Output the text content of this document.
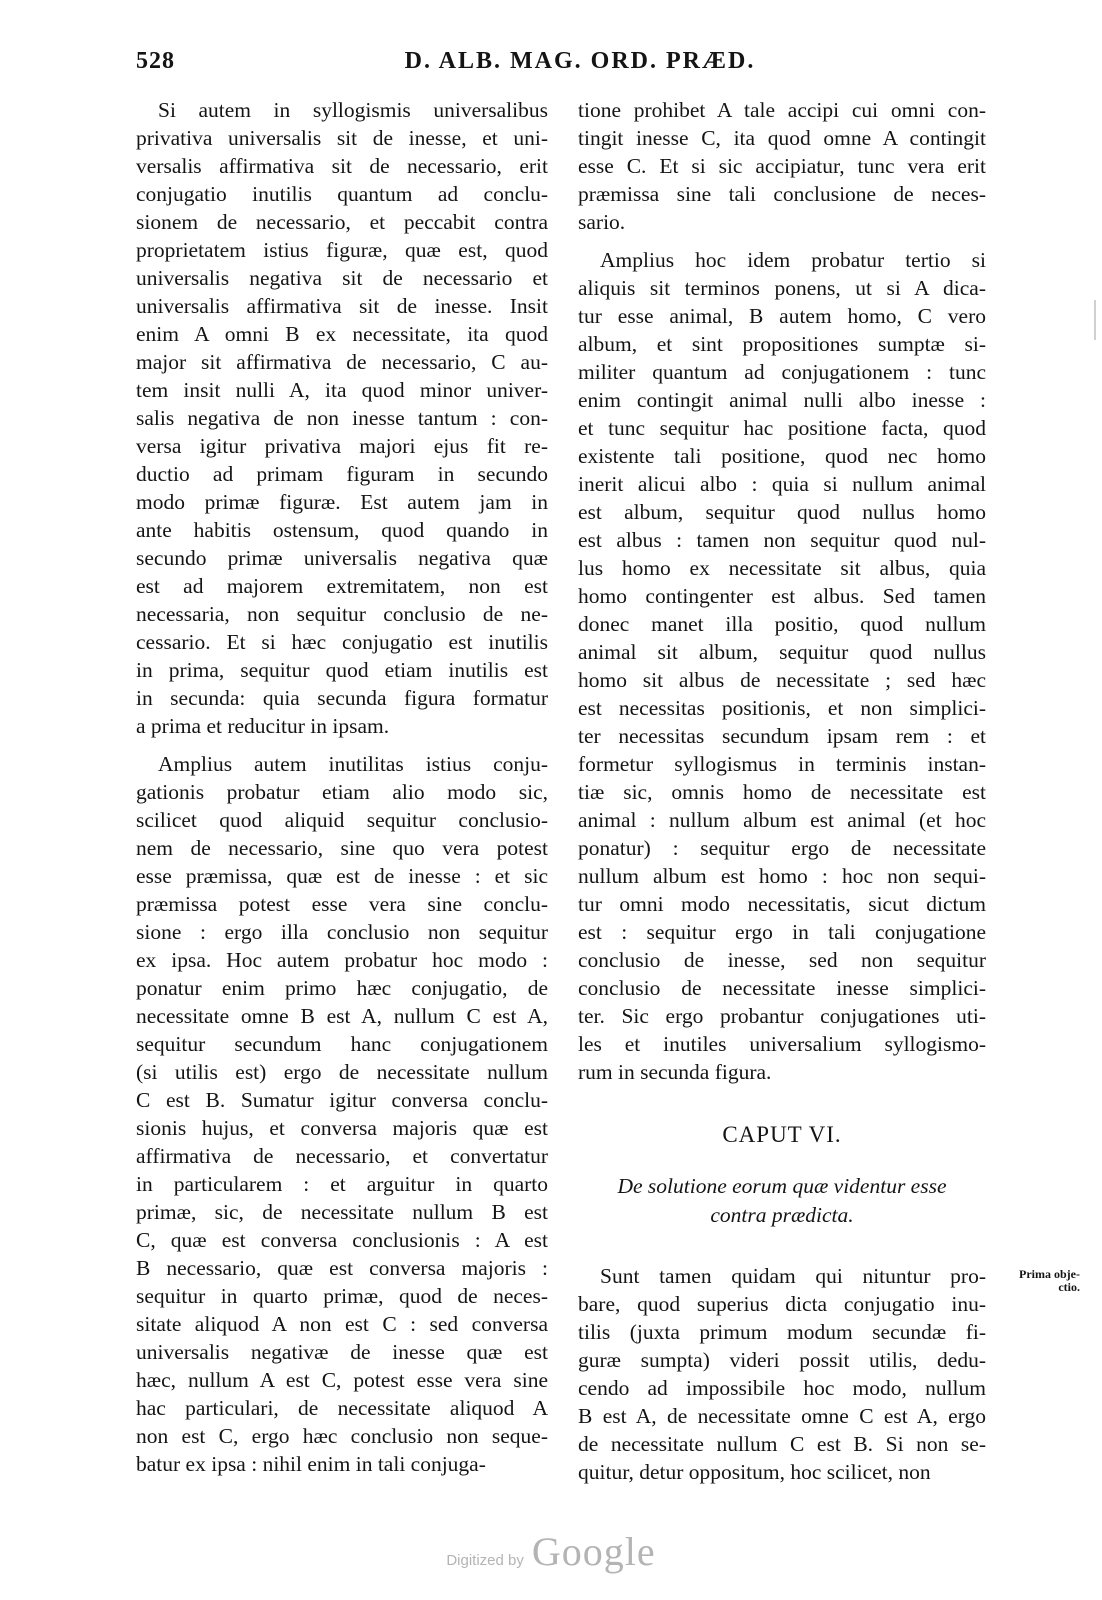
528	D. ALB. MAG. ORD. PRÆD.

Si autem in syllogismis universalibus
privativa universalis sit de inesse, et uni-
versalis affirmativa sit de necessario, erit
conjugatio inutilis quantum ad conclu-
sionem de necessario, et peccabit contra
proprietatem istius figuræ, quæ est, quod
universalis negativa sit de necessario et
universalis affirmativa sit de inesse. Insit
enim A omni B ex necessitate, ita quod
major sit affirmativa de necessario, C au-
tem insit nulli A, ita quod minor univer-
salis negativa de non inesse tantum : con-
versa igitur privativa majori ejus fit re-
ductio ad primam figuram in secundo
modo primæ figuræ. Est autem jam in
ante habitis ostensum, quod quando in
secundo primæ universalis negativa quæ
est ad majorem extremitatem, non est
necessaria, non sequitur conclusio de ne-
cessario. Et si hæc conjugatio est inutilis
in prima, sequitur quod etiam inutilis est
in secunda: quia secunda figura formatur
a prima et reducitur in ipsam.

Amplius autem inutilitas istius conju-
gationis probatur etiam alio modo sic,
scilicet quod aliquid sequitur conclusio-
nem de necessario, sine quo vera potest
esse præmissa, quæ est de inesse : et sic
præmissa potest esse vera sine conclu-
sione : ergo illa conclusio non sequitur
ex ipsa. Hoc autem probatur hoc modo :
ponatur enim primo hæc conjugatio, de
necessitate omne B est A, nullum C est A,
sequitur secundum hanc conjugationem
(si utilis est) ergo de necessitate nullum
C est B. Sumatur igitur conversa conclu-
sionis hujus, et conversa majoris quæ est
affirmativa de necessario, et convertatur
in particularem : et arguitur in quarto
primæ, sic, de necessitate nullum B est
C, quæ est conversa conclusionis : A est
B necessario, quæ est conversa majoris :
sequitur in quarto primæ, quod de neces-
sitate aliquod A non est C : sed conversa
universalis negativæ de inesse quæ est
hæc, nullum A est C, potest esse vera sine
hac particulari, de necessitate aliquod A
non est C, ergo hæc conclusio non seque-
batur ex ipsa : nihil enim in tali conjuga-

tione prohibet A tale accipi cui omni con-
tingit inesse C, ita quod omne A contingit
esse C. Et si sic accipiatur, tunc vera erit
præmissa sine tali conclusione de neces-
sario.

Amplius hoc idem probatur tertio si
aliquis sit terminos ponens, ut si A dica-
tur esse animal, B autem homo, C vero
album, et sint propositiones sumptæ si-
militer quantum ad conjugationem : tunc
enim contingit animal nulli albo inesse :
et tunc sequitur hac positione facta, quod
existente tali positione, quod nec homo
inerit alicui albo : quia si nullum animal
est album, sequitur quod nullus homo
est albus : tamen non sequitur quod nul-
lus homo ex necessitate sit albus, quia
homo contingenter est albus. Sed tamen
donec manet illa positio, quod nullum
animal sit album, sequitur quod nullus
homo sit albus de necessitate ; sed hæc
est necessitas positionis, et non simplici-
ter necessitas secundum ipsam rem : et
formetur syllogismus in terminis instan-
tiæ sic, omnis homo de necessitate est
animal : nullum album est animal (et hoc
ponatur) : sequitur ergo de necessitate
nullum album est homo : hoc non sequi-
tur omni modo necessitatis, sicut dictum
est : sequitur ergo in tali conjugatione
conclusio de inesse, sed non sequitur
conclusio de necessitate inesse simplici-
ter. Sic ergo probantur conjugationes uti-
les et inutiles universalium syllogismo-
rum in secunda figura.

CAPUT VI.
De solutione eorum quæ videntur esse
contra prædicta.

Sunt tamen quidam qui nituntur pro-
bare, quod superius dicta conjugatio inu-
tilis (juxta primum modum secundæ fi-
guræ sumpta) videri possit utilis, dedu-
cendo ad impossibile hoc modo, nullum
B est A, de necessitate omne C est A, ergo
de necessitate nullum C est B. Si non se-
quitur, detur oppositum, hoc scilicet, non

Prima obje-
ctio.
Digitized by Google
